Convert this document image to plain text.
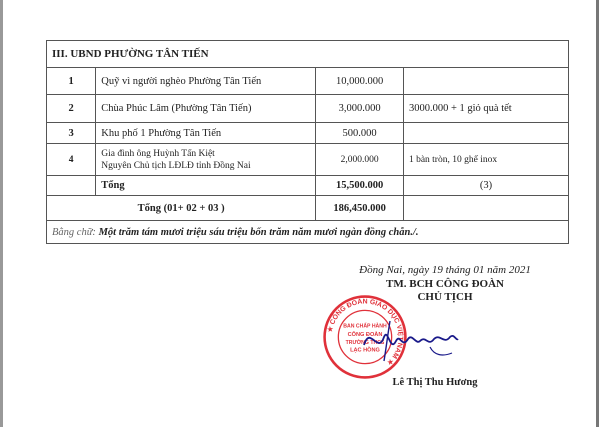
III. UBND PHƯỜNG TÂN TIẾN			
1	Quỹ vì người nghèo Phường Tân Tiến	10,000.000	
2	Chùa Phúc Lâm (Phường Tân Tiến)	3,000.000	3000.000 + 1 giỏ quà tết
3	Khu phố 1 Phường Tân Tiến	500.000	
4	Gia đình ông Huỳnh Tấn Kiệt
Nguyên Chủ tịch LĐLĐ tỉnh Đồng Nai	2,000.000	1 bàn tròn, 10 ghế inox
	Tổng	15,500.000	(3)
Tổng (01+ 02 + 03 )		186,450.000	
Bằng chữ: Một trăm tám mươi triệu sáu triệu bốn trăm năm mươi ngàn đồng chẵn./.			
Đồng Nai, ngày 19 tháng 01 năm 2021
TM. BCH CÔNG ĐOÀN
CHỦ TỊCH
Lê Thị Thu Hương
★ CÔNG ĐOÀN GIÁO DỤC VIỆT NAM ★
BAN CHẤP HÀNH
CÔNG ĐOÀN
TRƯỜNG THCS
LẠC HỒNG
